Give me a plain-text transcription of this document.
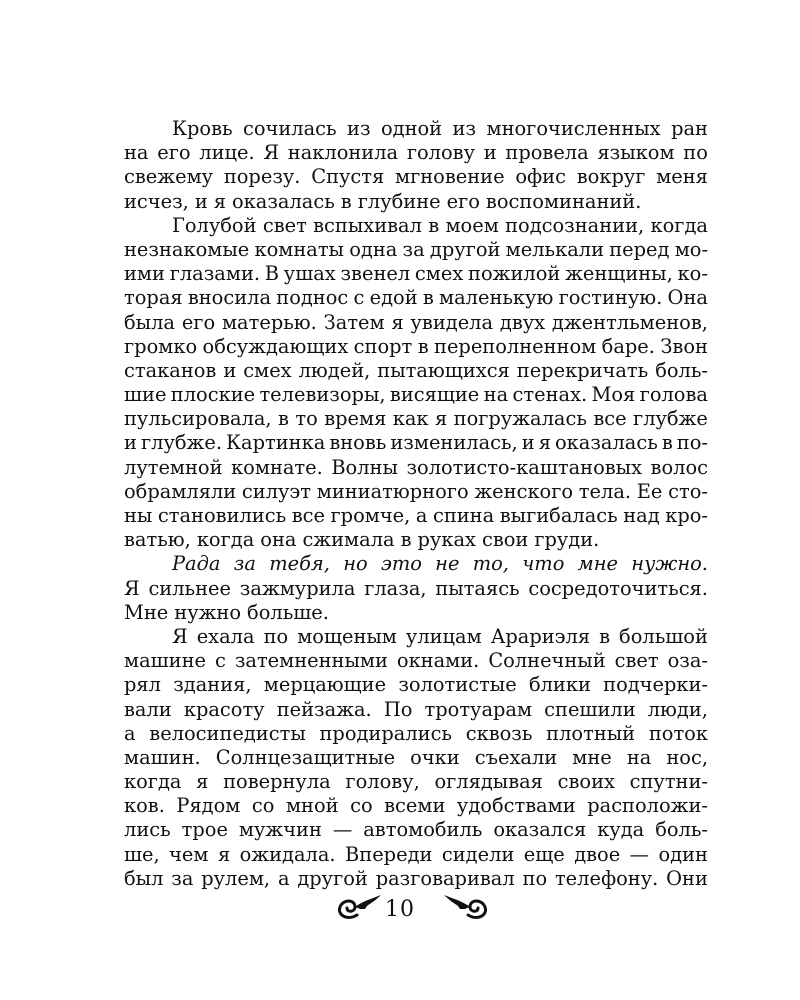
Кровь сочилась из одной из многочисленных ран
на его лице. Я наклонила голову и провела языком по
свежему порезу. Спустя мгновение офис вокруг меня
исчез, и я оказалась в глубине его воспоминаний.
Голубой свет вспыхивал в моем подсознании, когда
незнакомые комнаты одна за другой мелькали перед мо-
ими глазами. В ушах звенел смех пожилой женщины, ко-
торая вносила поднос с едой в маленькую гостиную. Она
была его матерью. Затем я увидела двух джентльменов,
громко обсуждающих спорт в переполненном баре. Звон
стаканов и смех людей, пытающихся перекричать боль-
шие плоские телевизоры, висящие на стенах. Моя голова
пульсировала, в то время как я погружалась все глубже
и глубже. Картинка вновь изменилась, и я оказалась в по-
лутемной комнате. Волны золотисто-каштановых волос
обрамляли силуэт миниатюрного женского тела. Ее сто-
ны становились все громче, а спина выгибалась над кро-
ватью, когда она сжимала в руках свои груди.
Рада за тебя, но это не то, что мне нужно.
Я сильнее зажмурила глаза, пытаясь сосредоточиться.
Мне нужно больше.
Я ехала по мощеным улицам Арариэля в большой
машине с затемненными окнами. Солнечный свет оза-
рял здания, мерцающие золотистые блики подчерки-
вали красоту пейзажа. По тротуарам спешили люди,
а велосипедисты продирались сквозь плотный поток
машин. Солнцезащитные очки съехали мне на нос,
когда я повернула голову, оглядывая своих спутни-
ков. Рядом со мной со всеми удобствами расположи-
лись трое мужчин — автомобиль оказался куда боль-
ше, чем я ожидала. Впереди сидели еще двое — один
был за рулем, а другой разговаривал по телефону. Они
10
